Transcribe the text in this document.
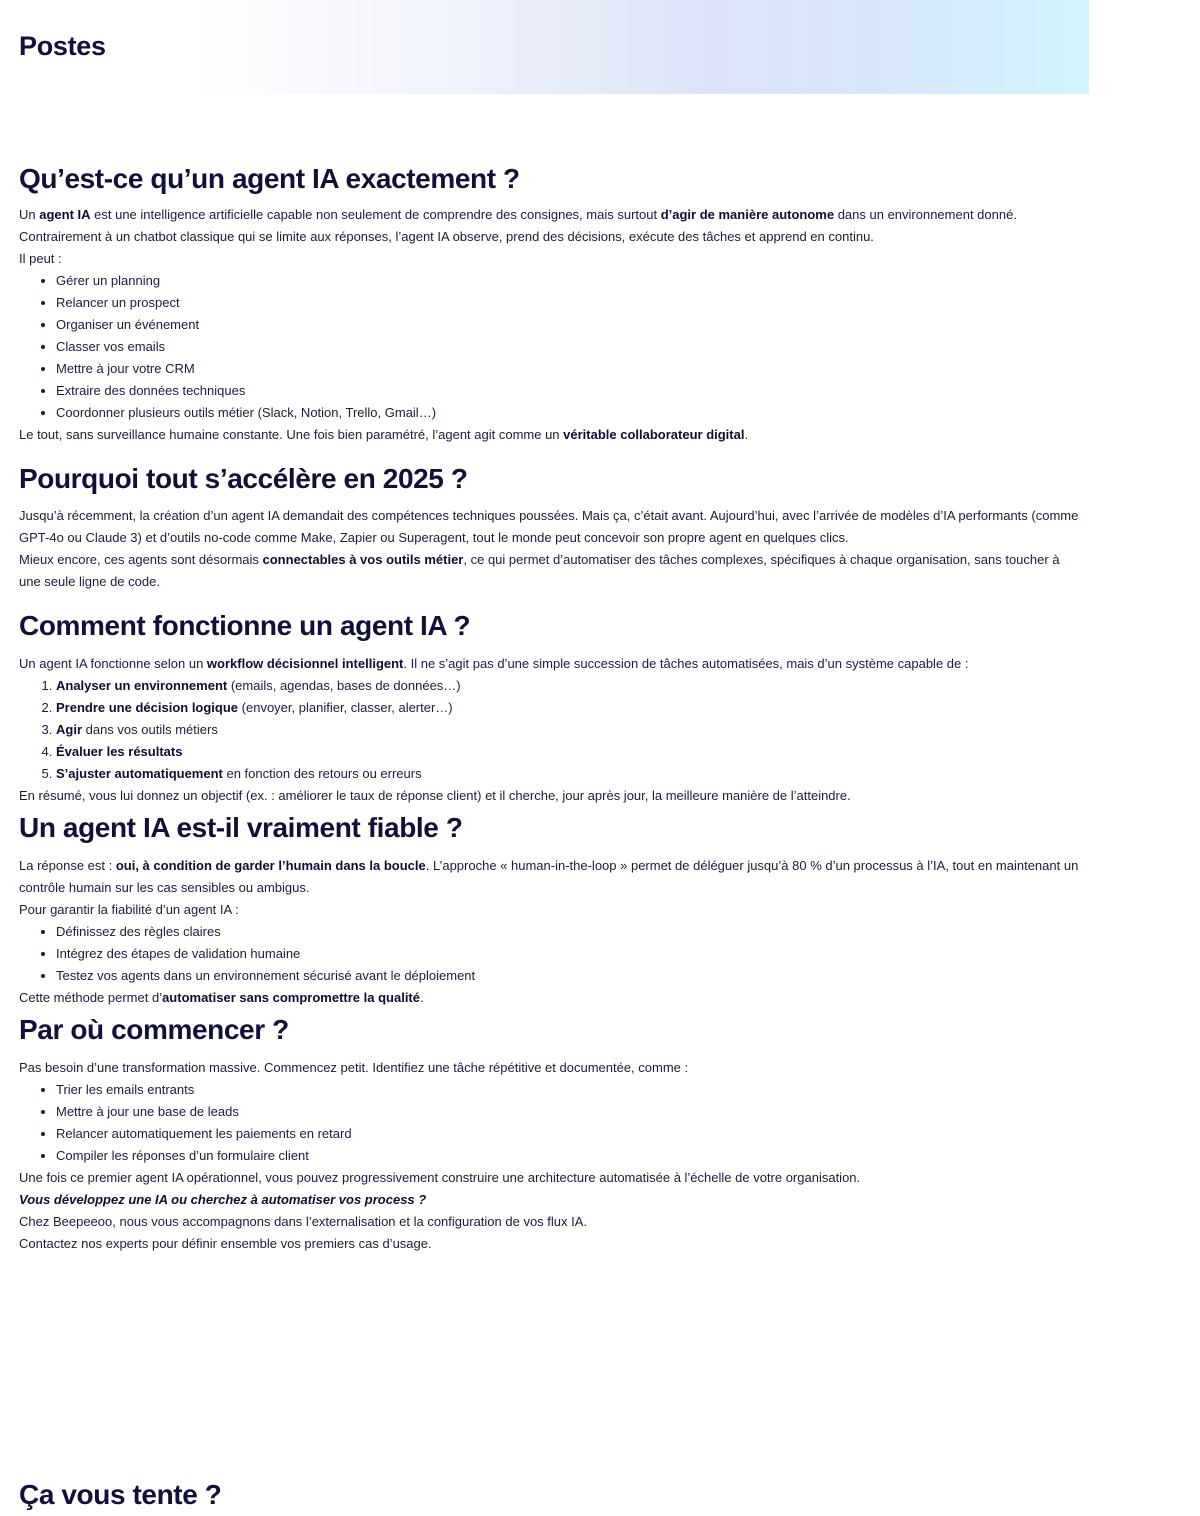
Postes
Qu’est-ce qu’un agent IA exactement ?

Un agent IA est une intelligence artificielle capable non seulement de comprendre des consignes, mais surtout d’agir de manière autonome dans un environnement donné. Contrairement à un chatbot classique qui se limite aux réponses, l’agent IA observe, prend des décisions, exécute des tâches et apprend en continu.

Il peut :

• Gérer un planning
• Relancer un prospect
• Organiser un événement
• Classer vos emails
• Mettre à jour votre CRM
• Extraire des données techniques
• Coordonner plusieurs outils métier (Slack, Notion, Trello, Gmail…)

Le tout, sans surveillance humaine constante. Une fois bien paramétré, l’agent agit comme un véritable collaborateur digital.

Pourquoi tout s’accélère en 2025 ?

Jusqu’à récemment, la création d’un agent IA demandait des compétences techniques poussées. Mais ça, c’était avant. Aujourd’hui, avec l’arrivée de modèles d’IA performants (comme GPT-4o ou Claude 3) et d’outils no-code comme Make, Zapier ou Superagent, tout le monde peut concevoir son propre agent en quelques clics.

Mieux encore, ces agents sont désormais connectables à vos outils métier, ce qui permet d’automatiser des tâches complexes, spécifiques à chaque organisation, sans toucher à une seule ligne de code.

Comment fonctionne un agent IA ?

Un agent IA fonctionne selon un workflow décisionnel intelligent. Il ne s’agit pas d’une simple succession de tâches automatisées, mais d’un système capable de :

1. Analyser un environnement (emails, agendas, bases de données…)
2. Prendre une décision logique (envoyer, planifier, classer, alerter…)
3. Agir dans vos outils métiers
4. Évaluer les résultats
5. S’ajuster automatiquement en fonction des retours ou erreurs

En résumé, vous lui donnez un objectif (ex. : améliorer le taux de réponse client) et il cherche, jour après jour, la meilleure manière de l’atteindre.

Un agent IA est-il vraiment fiable ?

La réponse est : oui, à condition de garder l’humain dans la boucle. L’approche « human-in-the-loop » permet de déléguer jusqu’à 80 % d’un processus à l’IA, tout en maintenant un contrôle humain sur les cas sensibles ou ambigus.

Pour garantir la fiabilité d’un agent IA :

• Définissez des règles claires
• Intégrez des étapes de validation humaine
• Testez vos agents dans un environnement sécurisé avant le déploiement

Cette méthode permet d’automatiser sans compromettre la qualité.

Par où commencer ?

Pas besoin d’une transformation massive. Commencez petit. Identifiez une tâche répétitive et documentée, comme :

• Trier les emails entrants
• Mettre à jour une base de leads
• Relancer automatiquement les paiements en retard
• Compiler les réponses d’un formulaire client

Une fois ce premier agent IA opérationnel, vous pouvez progressivement construire une architecture automatisée à l’échelle de votre organisation.

Vous développez une IA ou cherchez à automatiser vos process ?

Chez Beepeeoo, nous vous accompagnons dans l’externalisation et la configuration de vos flux IA.

Contactez nos experts pour définir ensemble vos premiers cas d’usage.

Ça vous tente ?
